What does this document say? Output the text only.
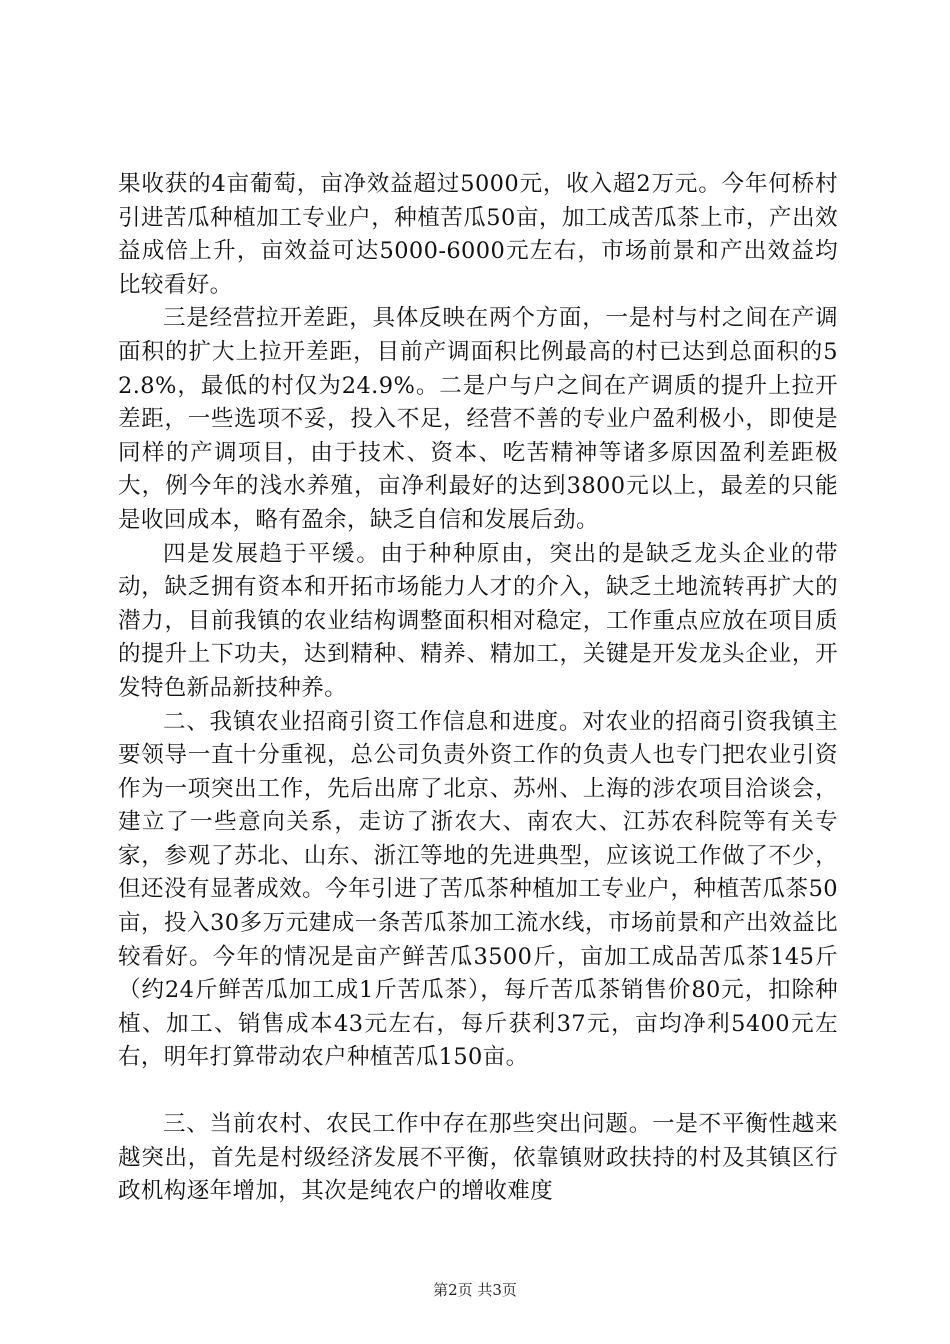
果收获的4亩葡萄，亩净效益超过5000元，收入超2万元。今年何桥村引进苦瓜种植加工专业户，种植苦瓜50亩，加工成苦瓜茶上市，产出效益成倍上升，亩效益可达5000-6000元左右，市场前景和产出效益均比较看好。

三是经营拉开差距，具体反映在两个方面，一是村与村之间在产调面积的扩大上拉开差距，目前产调面积比例最高的村已达到总面积的52.8%，最低的村仅为24.9%。二是户与户之间在产调质的提升上拉开差距，一些选项不妥，投入不足，经营不善的专业户盈利极小，即使是同样的产调项目，由于技术、资本、吃苦精神等诸多原因盈利差距极大，例今年的浅水养殖，亩净利最好的达到3800元以上，最差的只能是收回成本，略有盈余，缺乏自信和发展后劲。

四是发展趋于平缓。由于种种原由，突出的是缺乏龙头企业的带动，缺乏拥有资本和开拓市场能力人才的介入，缺乏土地流转再扩大的潜力，目前我镇的农业结构调整面积相对稳定，工作重点应放在项目质的提升上下功夫，达到精种、精养、精加工，关键是开发龙头企业，开发特色新品新技种养。

二、我镇农业招商引资工作信息和进度。对农业的招商引资我镇主要领导一直十分重视，总公司负责外资工作的负责人也专门把农业引资作为一项突出工作，先后出席了北京、苏州、上海的涉农项目洽谈会，建立了一些意向关系，走访了浙农大、南农大、江苏农科院等有关专家，参观了苏北、山东、浙江等地的先进典型，应该说工作做了不少，但还没有显著成效。今年引进了苦瓜茶种植加工专业户，种植苦瓜茶50亩，投入30多万元建成一条苦瓜茶加工流水线，市场前景和产出效益比较看好。今年的情况是亩产鲜苦瓜3500斤，亩加工成品苦瓜茶145斤（约24斤鲜苦瓜加工成1斤苦瓜茶），每斤苦瓜茶销售价80元，扣除种植、加工、销售成本43元左右，每斤获利37元，亩均净利5400元左右，明年打算带动农户种植苦瓜150亩。

三、当前农村、农民工作中存在那些突出问题。一是不平衡性越来越突出，首先是村级经济发展不平衡，依靠镇财政扶持的村及其镇区行政机构逐年增加，其次是纯农户的增收难度

第2页 共3页
